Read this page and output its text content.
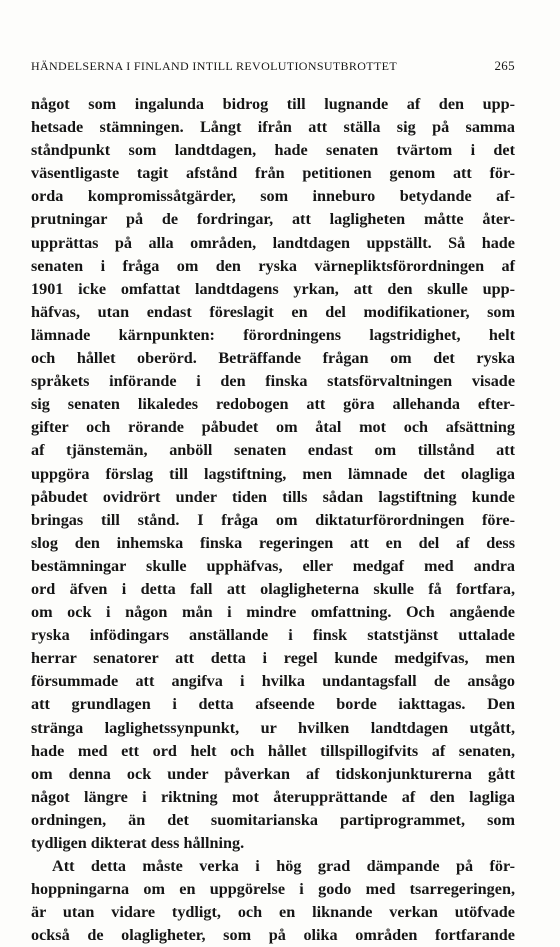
HÄNDELSERNA I FINLAND INTILL REVOLUTIONSUTBROTTET	265
något som ingalunda bidrog till lugnande af den upp-
hetsade stämningen. Långt ifrån att ställa sig på samma
ståndpunkt som landtdagen, hade senaten tvärtom i det
väsentligaste tagit afstånd från petitionen genom att för-
orda kompromissåtgärder, som inneburo betydande af-
prutningar på de fordringar, att lagligheten måtte åter-
upprättas på alla områden, landtdagen uppställt. Så hade
senaten i fråga om den ryska värnepliktsförordningen af
1901 icke omfattat landtdagens yrkan, att den skulle upp-
häfvas, utan endast föreslagit en del modifikationer, som
lämnade kärnpunkten: förordningens lagstridighet, helt
och hållet oberörd. Beträffande frågan om det ryska
språkets införande i den finska statsförvaltningen visade
sig senaten likaledes redobogen att göra allehanda efter-
gifter och rörande påbudet om åtal mot och afsättning
af tjänstemän, anböll senaten endast om tillstånd att
uppgöra förslag till lagstiftning, men lämnade det olagliga
påbudet ovidrört under tiden tills sådan lagstiftning kunde
bringas till stånd. I fråga om diktaturförordningen före-
slog den inhemska finska regeringen att en del af dess
bestämningar skulle upphäfvas, eller medgaf med andra
ord äfven i detta fall att olagligheterna skulle få fortfara,
om ock i någon mån i mindre omfattning. Och angående
ryska infödingars anställande i finsk statstjänst uttalade
herrar senatorer att detta i regel kunde medgifvas, men
försummade att angifva i hvilka undantagsfall de ansågo
att grundlagen i detta afseende borde iakttagas. Den
stränga laglighetssynpunkt, ur hvilken landtdagen utgått,
hade med ett ord helt och hållet tillspillogifvits af senaten,
om denna ock under påverkan af tidskonjunkturerna gått
något längre i riktning mot återupprättande af den lagliga
ordningen, än det suomitarianska partiprogrammet, som
tydligen dikterat dess hållning.
Att detta måste verka i hög grad dämpande på för-
hoppningarna om en uppgörelse i godo med tsarregeringen,
är utan vidare tydligt, och en liknande verkan utöfvade
också de olagligheter, som på olika områden fortfarande
